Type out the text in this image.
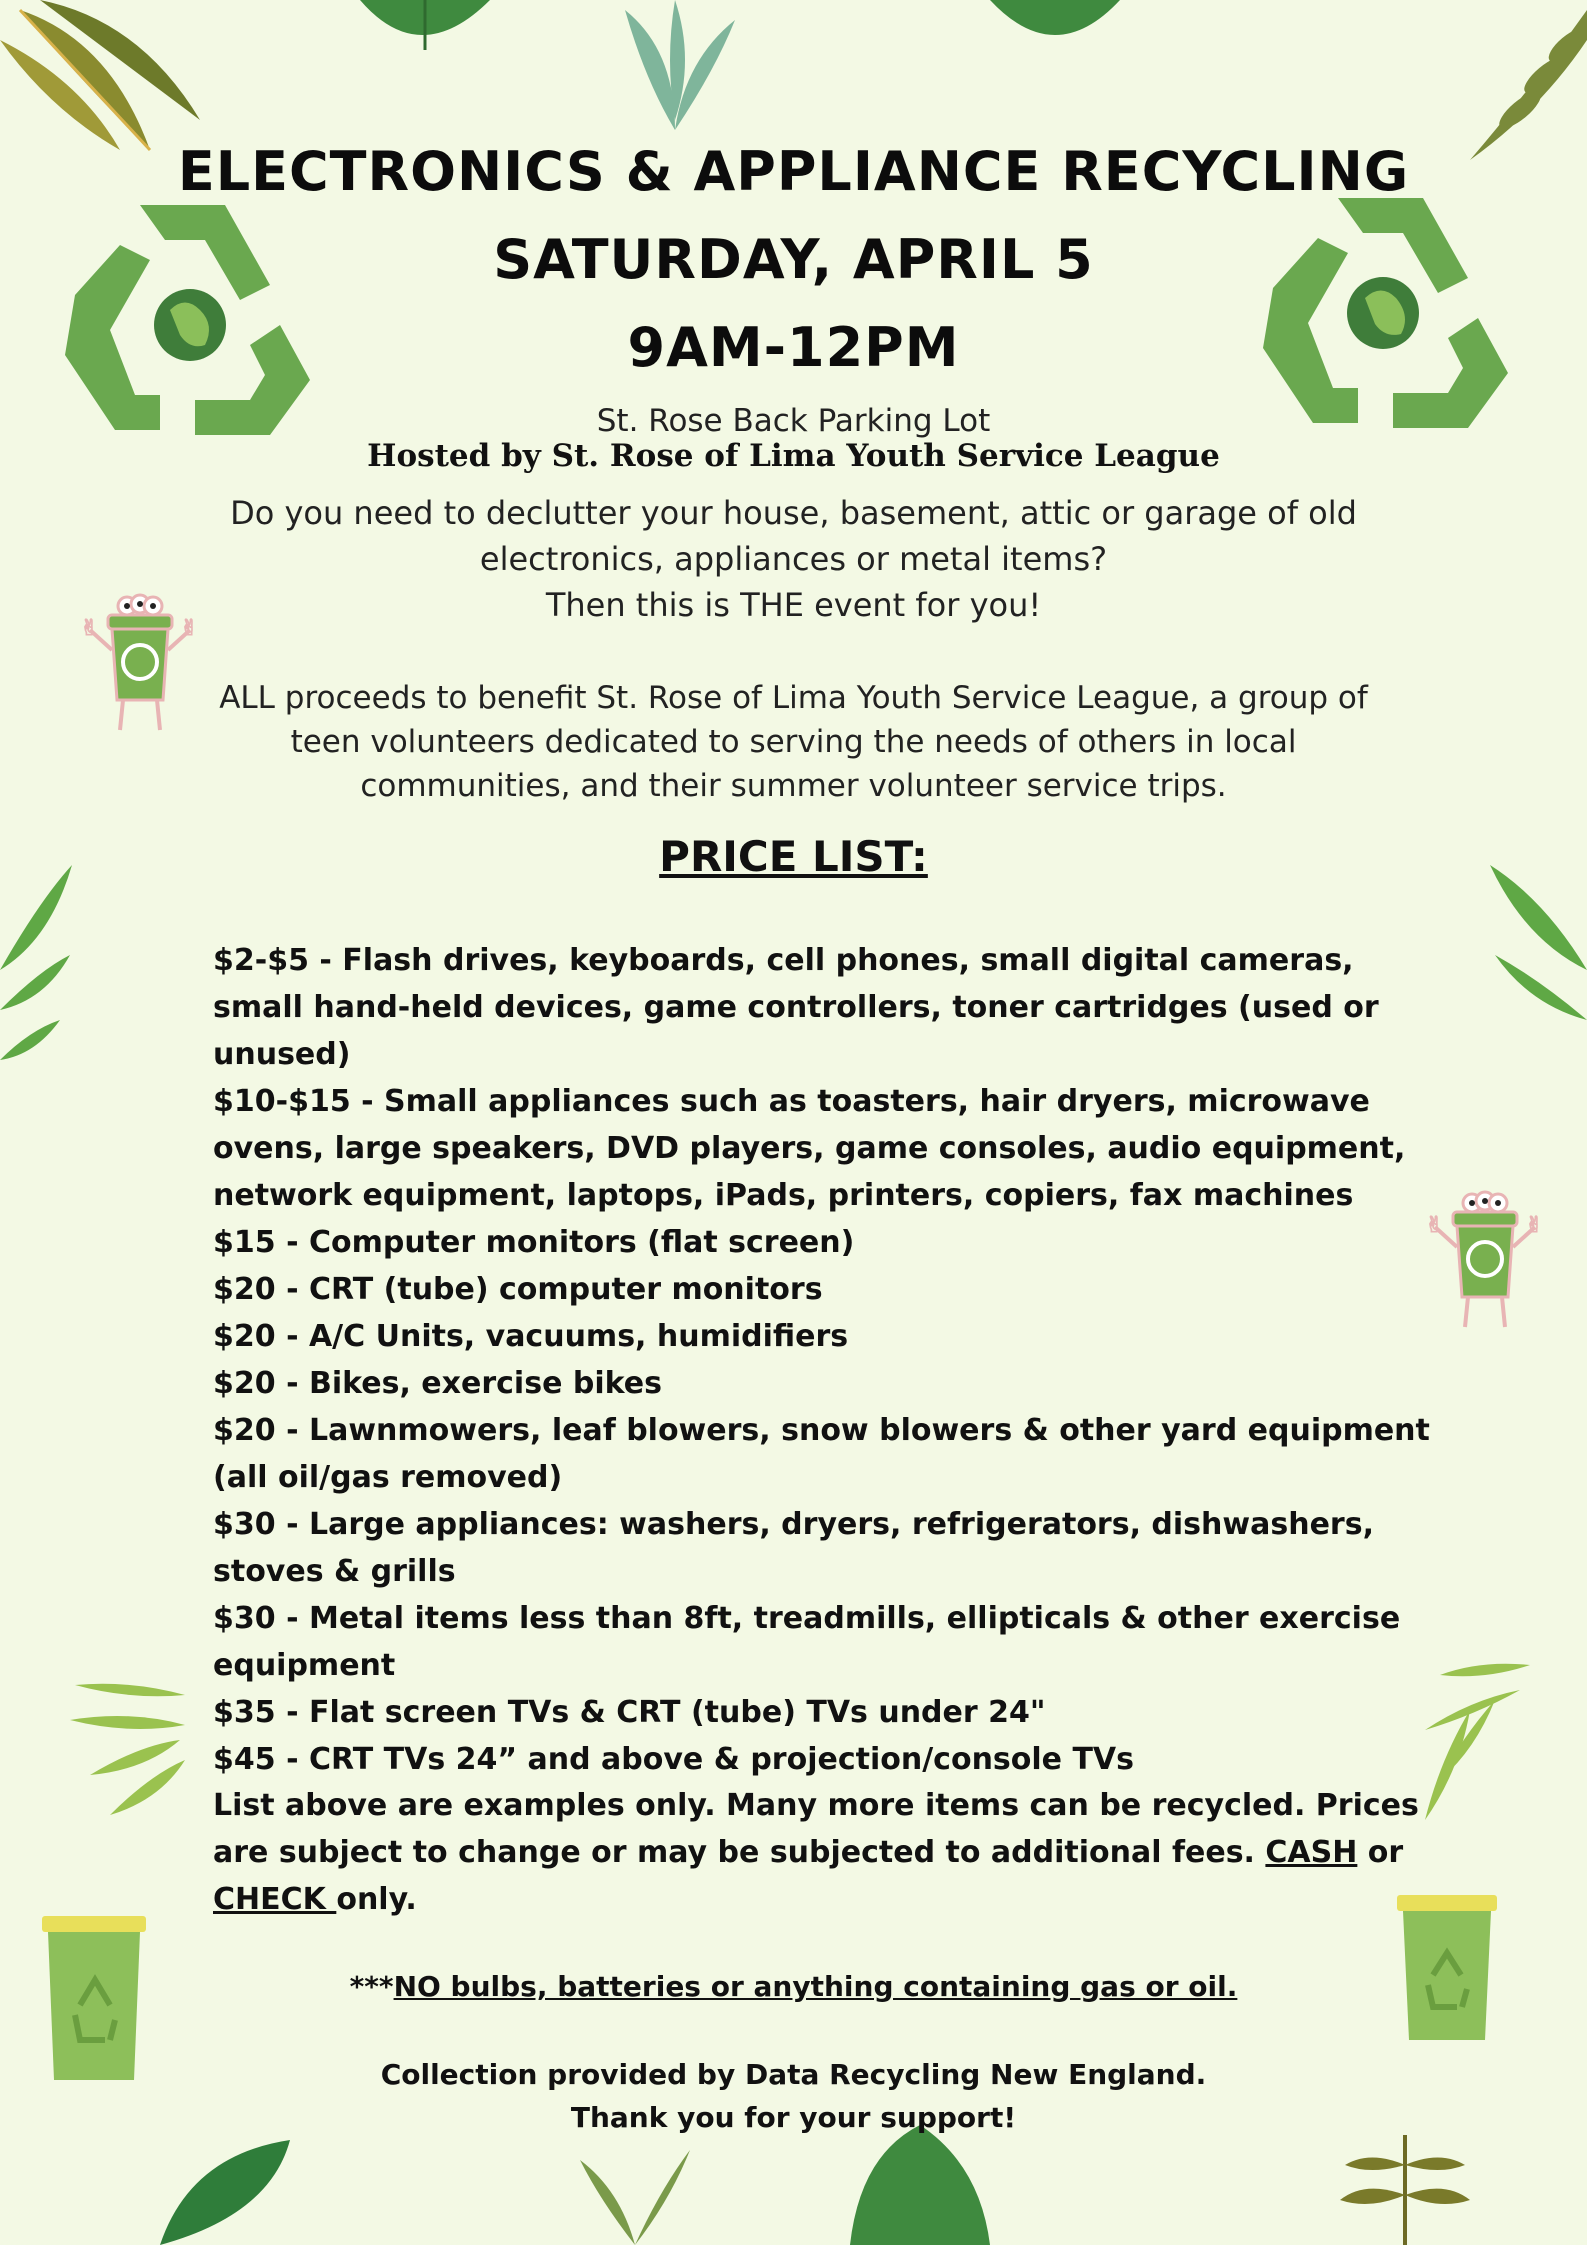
✌	✌
✌	✌
ELECTRONICS & APPLIANCE RECYCLING
SATURDAY, APRIL 5
9AM-12PM

St. Rose Back Parking Lot

Hosted by St. Rose of Lima Youth Service League

Do you need to declutter your house, basement, attic or garage of old
electronics, appliances or metal items?
Then this is THE event for you!
ALL proceeds to benefit St. Rose of Lima Youth Service League, a group of
teen volunteers dedicated to serving the needs of others in local
communities, and their summer volunteer service trips.

PRICE LIST:

$2-$5 - Flash drives, keyboards, cell phones, small digital cameras, small hand-held devices, game controllers, toner cartridges (used or unused)
$10-$15 - Small appliances such as toasters, hair dryers, microwave ovens, large speakers, DVD players, game consoles, audio equipment, network equipment, laptops, iPads, printers, copiers, fax machines
$15 - Computer monitors (flat screen)
$20 - CRT (tube) computer monitors
$20 - A/C Units, vacuums, humidifiers
$20 - Bikes, exercise bikes
$20 - Lawnmowers, leaf blowers, snow blowers & other yard equipment (all oil/gas removed)
$30 - Large appliances: washers, dryers, refrigerators, dishwashers, stoves & grills
$30 - Metal items less than 8ft, treadmills, ellipticals & other exercise equipment
$35 - Flat screen TVs & CRT (tube) TVs under 24"
$45 - CRT TVs 24” and above & projection/console TVs

List above are examples only. Many more items can be recycled. Prices are subject to change or may be subjected to additional fees. CASH or CHECK only.

***NO bulbs, batteries or anything containing gas or oil.

Collection provided by Data Recycling New England.
Thank you for your support!
